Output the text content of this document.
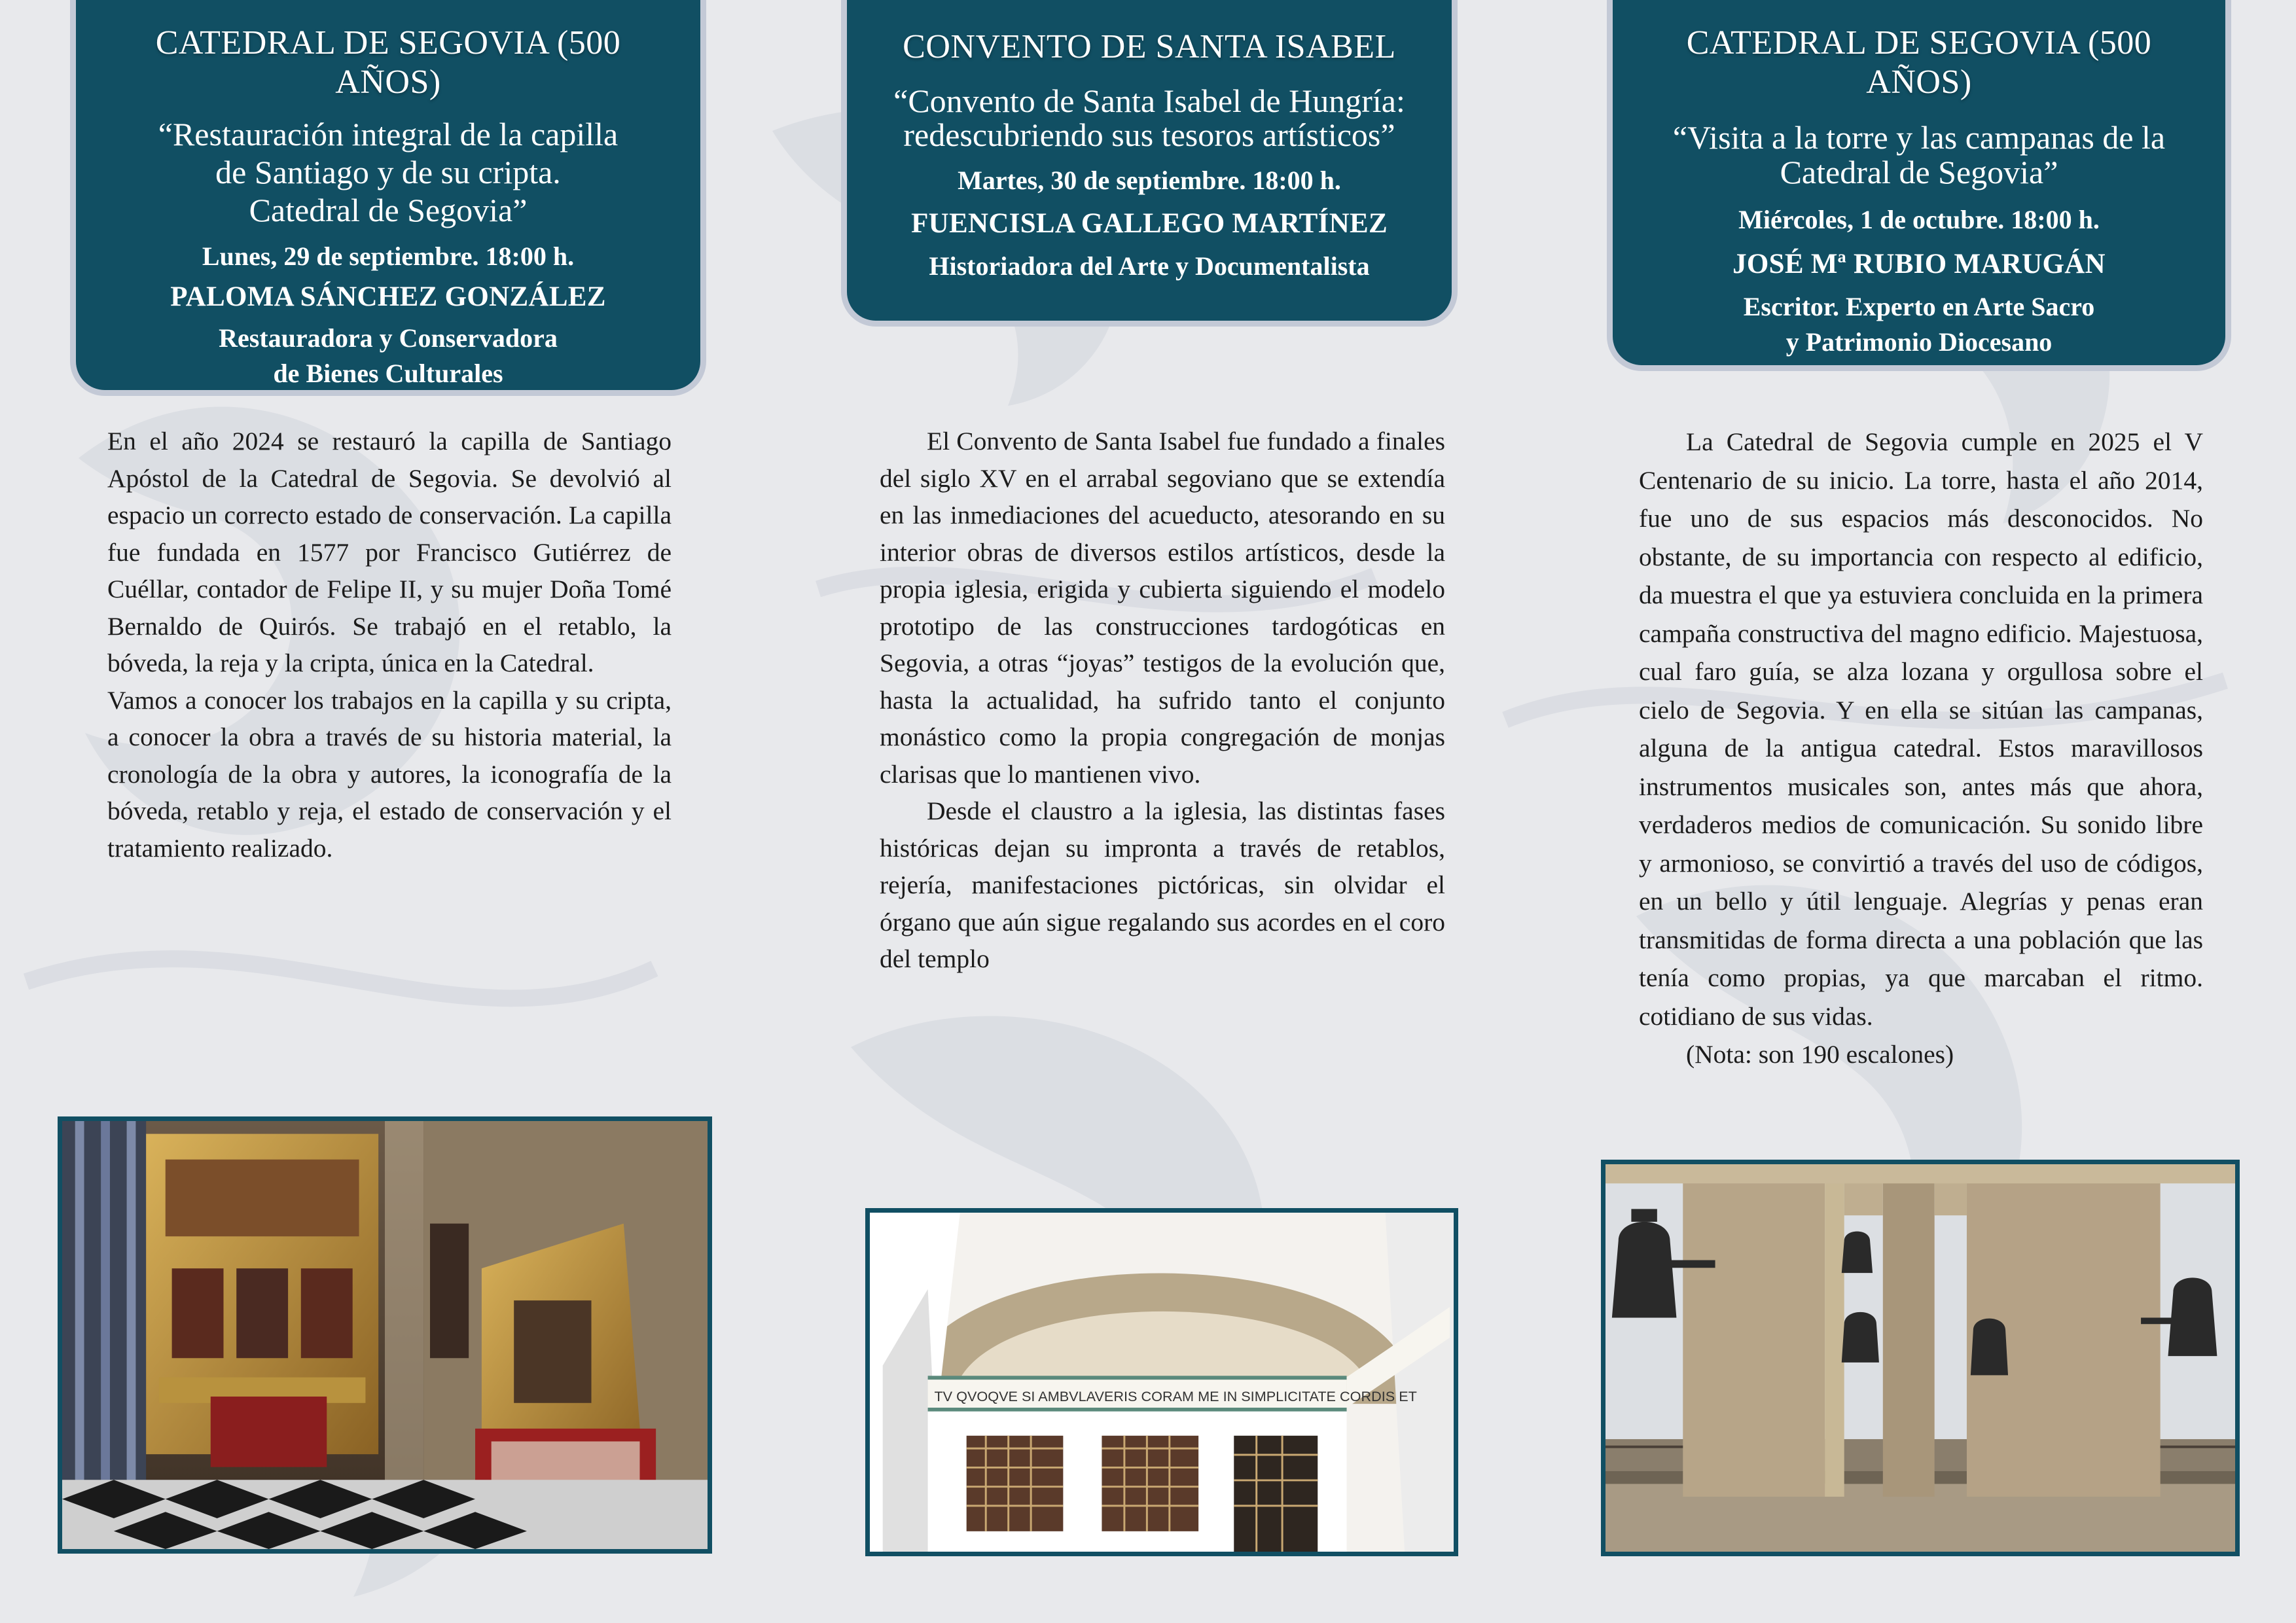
CATEDRAL DE SEGOVIA (500 AÑOS)
“Restauración integral de la capilla
de Santiago y de su cripta.
Catedral de Segovia”
Lunes, 29 de septiembre. 18:00 h.
PALOMA SÁNCHEZ GONZÁLEZ
Restauradora y Conservadora
de Bienes Culturales

En el año 2024 se restauró la capilla de Santiago Apóstol de la Catedral de Segovia. Se devolvió al espacio un correcto estado de conservación. La capilla fue fundada en 1577 por Francisco Gutiérrez de Cuéllar, contador de Felipe II, y su mujer Doña Tomé Bernaldo de Quirós. Se trabajó en el retablo, la bóveda, la reja y la cripta, única en la Catedral.

Vamos a conocer los trabajos en la capilla y su cripta, a conocer la obra a través de su historia material, la cronología de la obra y autores, la iconografía de la bóveda, retablo y reja, el estado de conservación y el tratamiento realizado.

CONVENTO DE SANTA ISABEL
“Convento de Santa Isabel de Hungría:
redescubriendo sus tesoros artísticos”
Martes, 30 de septiembre. 18:00 h.
FUENCISLA GALLEGO MARTÍNEZ
Historiadora del Arte y Documentalista

El Convento de Santa Isabel fue fundado a finales del siglo XV en el arrabal segoviano que se extendía en las inmediaciones del acueducto, atesorando en su interior obras de diversos estilos artísticos, desde la propia iglesia, erigida y cubierta siguiendo el modelo prototipo de las construcciones tardogóticas en Segovia, a otras “joyas” testigos de la evolución que, hasta la actualidad, ha sufrido tanto el conjunto monástico como la propia congregación de monjas clarisas que lo mantienen vivo.

Desde el claustro a la iglesia, las distintas fases históricas dejan su impronta a través de retablos, rejería, manifestaciones pictóricas, sin olvidar el órgano que aún sigue regalando sus acordes en el coro del templo

TV QVOQVE SI AMBVLAVERIS CORAM ME IN SIMPLICITATE CORDIS ET
CATEDRAL DE SEGOVIA (500 AÑOS)
“Visita a la torre y las campanas de la
Catedral de Segovia”
Miércoles, 1 de octubre. 18:00 h.
JOSÉ Mª RUBIO MARUGÁN
Escritor. Experto en Arte Sacro
y Patrimonio Diocesano

La Catedral de Segovia cumple en 2025 el V Centenario de su inicio. La torre, hasta el año 2014, fue uno de sus espacios más desconocidos. No obstante, de su importancia con respecto al edificio, da muestra el que ya estuviera concluida en la primera campaña constructiva del magno edificio. Majestuosa, cual faro guía, se alza lozana y orgullosa sobre el cielo de Segovia. Y en ella se sitúan las campanas, alguna de la antigua catedral. Estos maravillosos instrumentos musicales son, antes más que ahora, verdaderos medios de comunicación. Su sonido libre y armonioso, se convirtió a través del uso de códigos, en un bello y útil lenguaje. Alegrías y penas eran transmitidas de forma directa a una población que las tenía como propias, ya que marcaban el ritmo. cotidiano de sus vidas.

(Nota: son 190 escalones)
